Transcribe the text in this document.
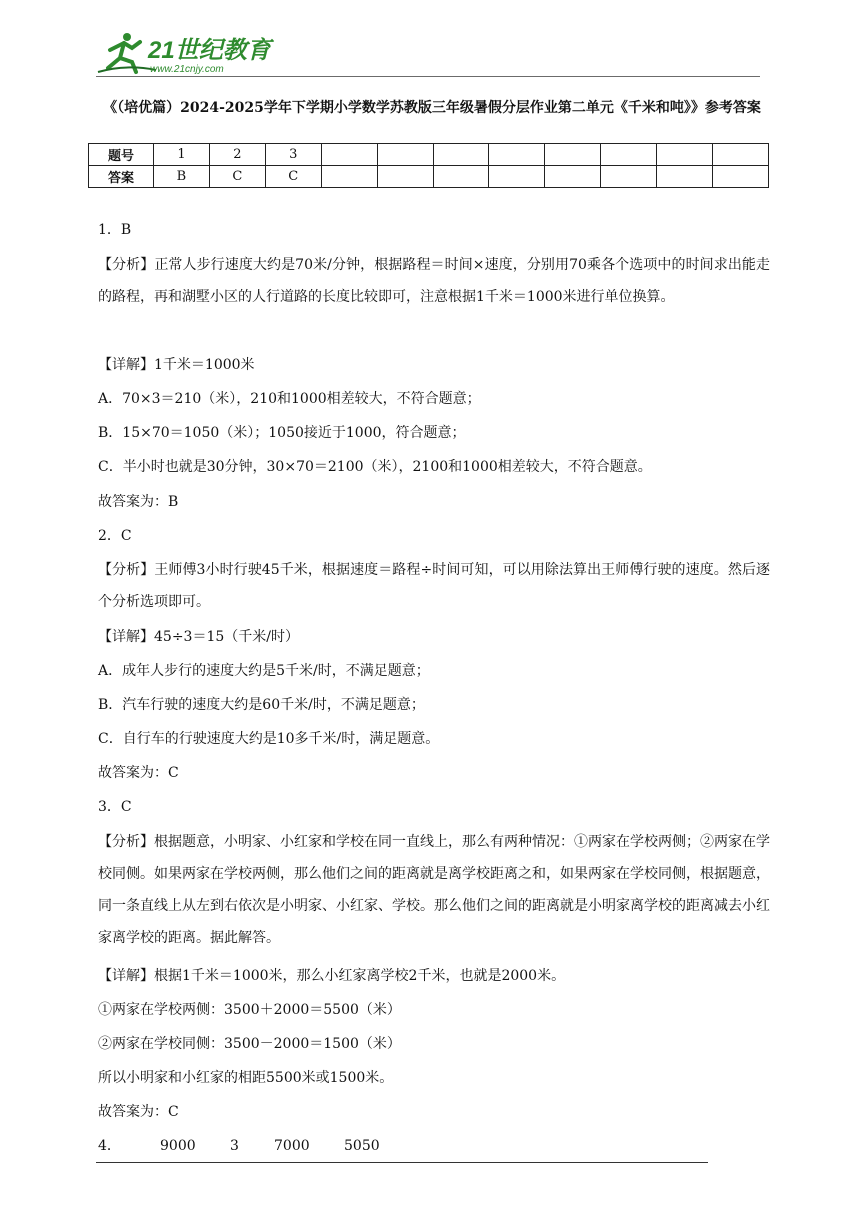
21世纪教育
www.21cnjy.com
《（培优篇）2024-2025学年下学期小学数学苏教版三年级暑假分层作业第二单元《千米和吨》》参考答案
题号	1	2	3								
答案	B	C	C								
1．B
【分析】正常人步行速度大约是70米/分钟，根据路程＝时间×速度，分别用70乘各个选项中的时间求出能走的路程，再和湖墅小区的人行道路的长度比较即可，注意根据1千米＝1000米进行单位换算。
【详解】1千米＝1000米
A．70×3＝210（米），210和1000相差较大，不符合题意；
B．15×70＝1050（米）；1050接近于1000，符合题意；
C．半小时也就是30分钟，30×70＝2100（米），2100和1000相差较大，不符合题意。
故答案为：B
2．C
【分析】王师傅3小时行驶45千米，根据速度＝路程÷时间可知，可以用除法算出王师傅行驶的速度。然后逐个分析选项即可。
【详解】45÷3＝15（千米/时）
A．成年人步行的速度大约是5千米/时，不满足题意；
B．汽车行驶的速度大约是60千米/时，不满足题意；
C．自行车的行驶速度大约是10多千米/时，满足题意。
故答案为：C
3．C
【分析】根据题意，小明家、小红家和学校在同一直线上，那么有两种情况：①两家在学校两侧；②两家在学校同侧。如果两家在学校两侧，那么他们之间的距离就是离学校距离之和，如果两家在学校同侧，根据题意，同一条直线上从左到右依次是小明家、小红家、学校。那么他们之间的距离就是小明家离学校的距离减去小红家离学校的距离。据此解答。
【详解】根据1千米＝1000米，那么小红家离学校2千米，也就是2000米。
①两家在学校两侧：3500＋2000＝5500（米）
②两家在学校同侧：3500－2000＝1500（米）
所以小明家和小红家的相距5500米或1500米。
故答案为：C
4．	9000 3	7000 5050
